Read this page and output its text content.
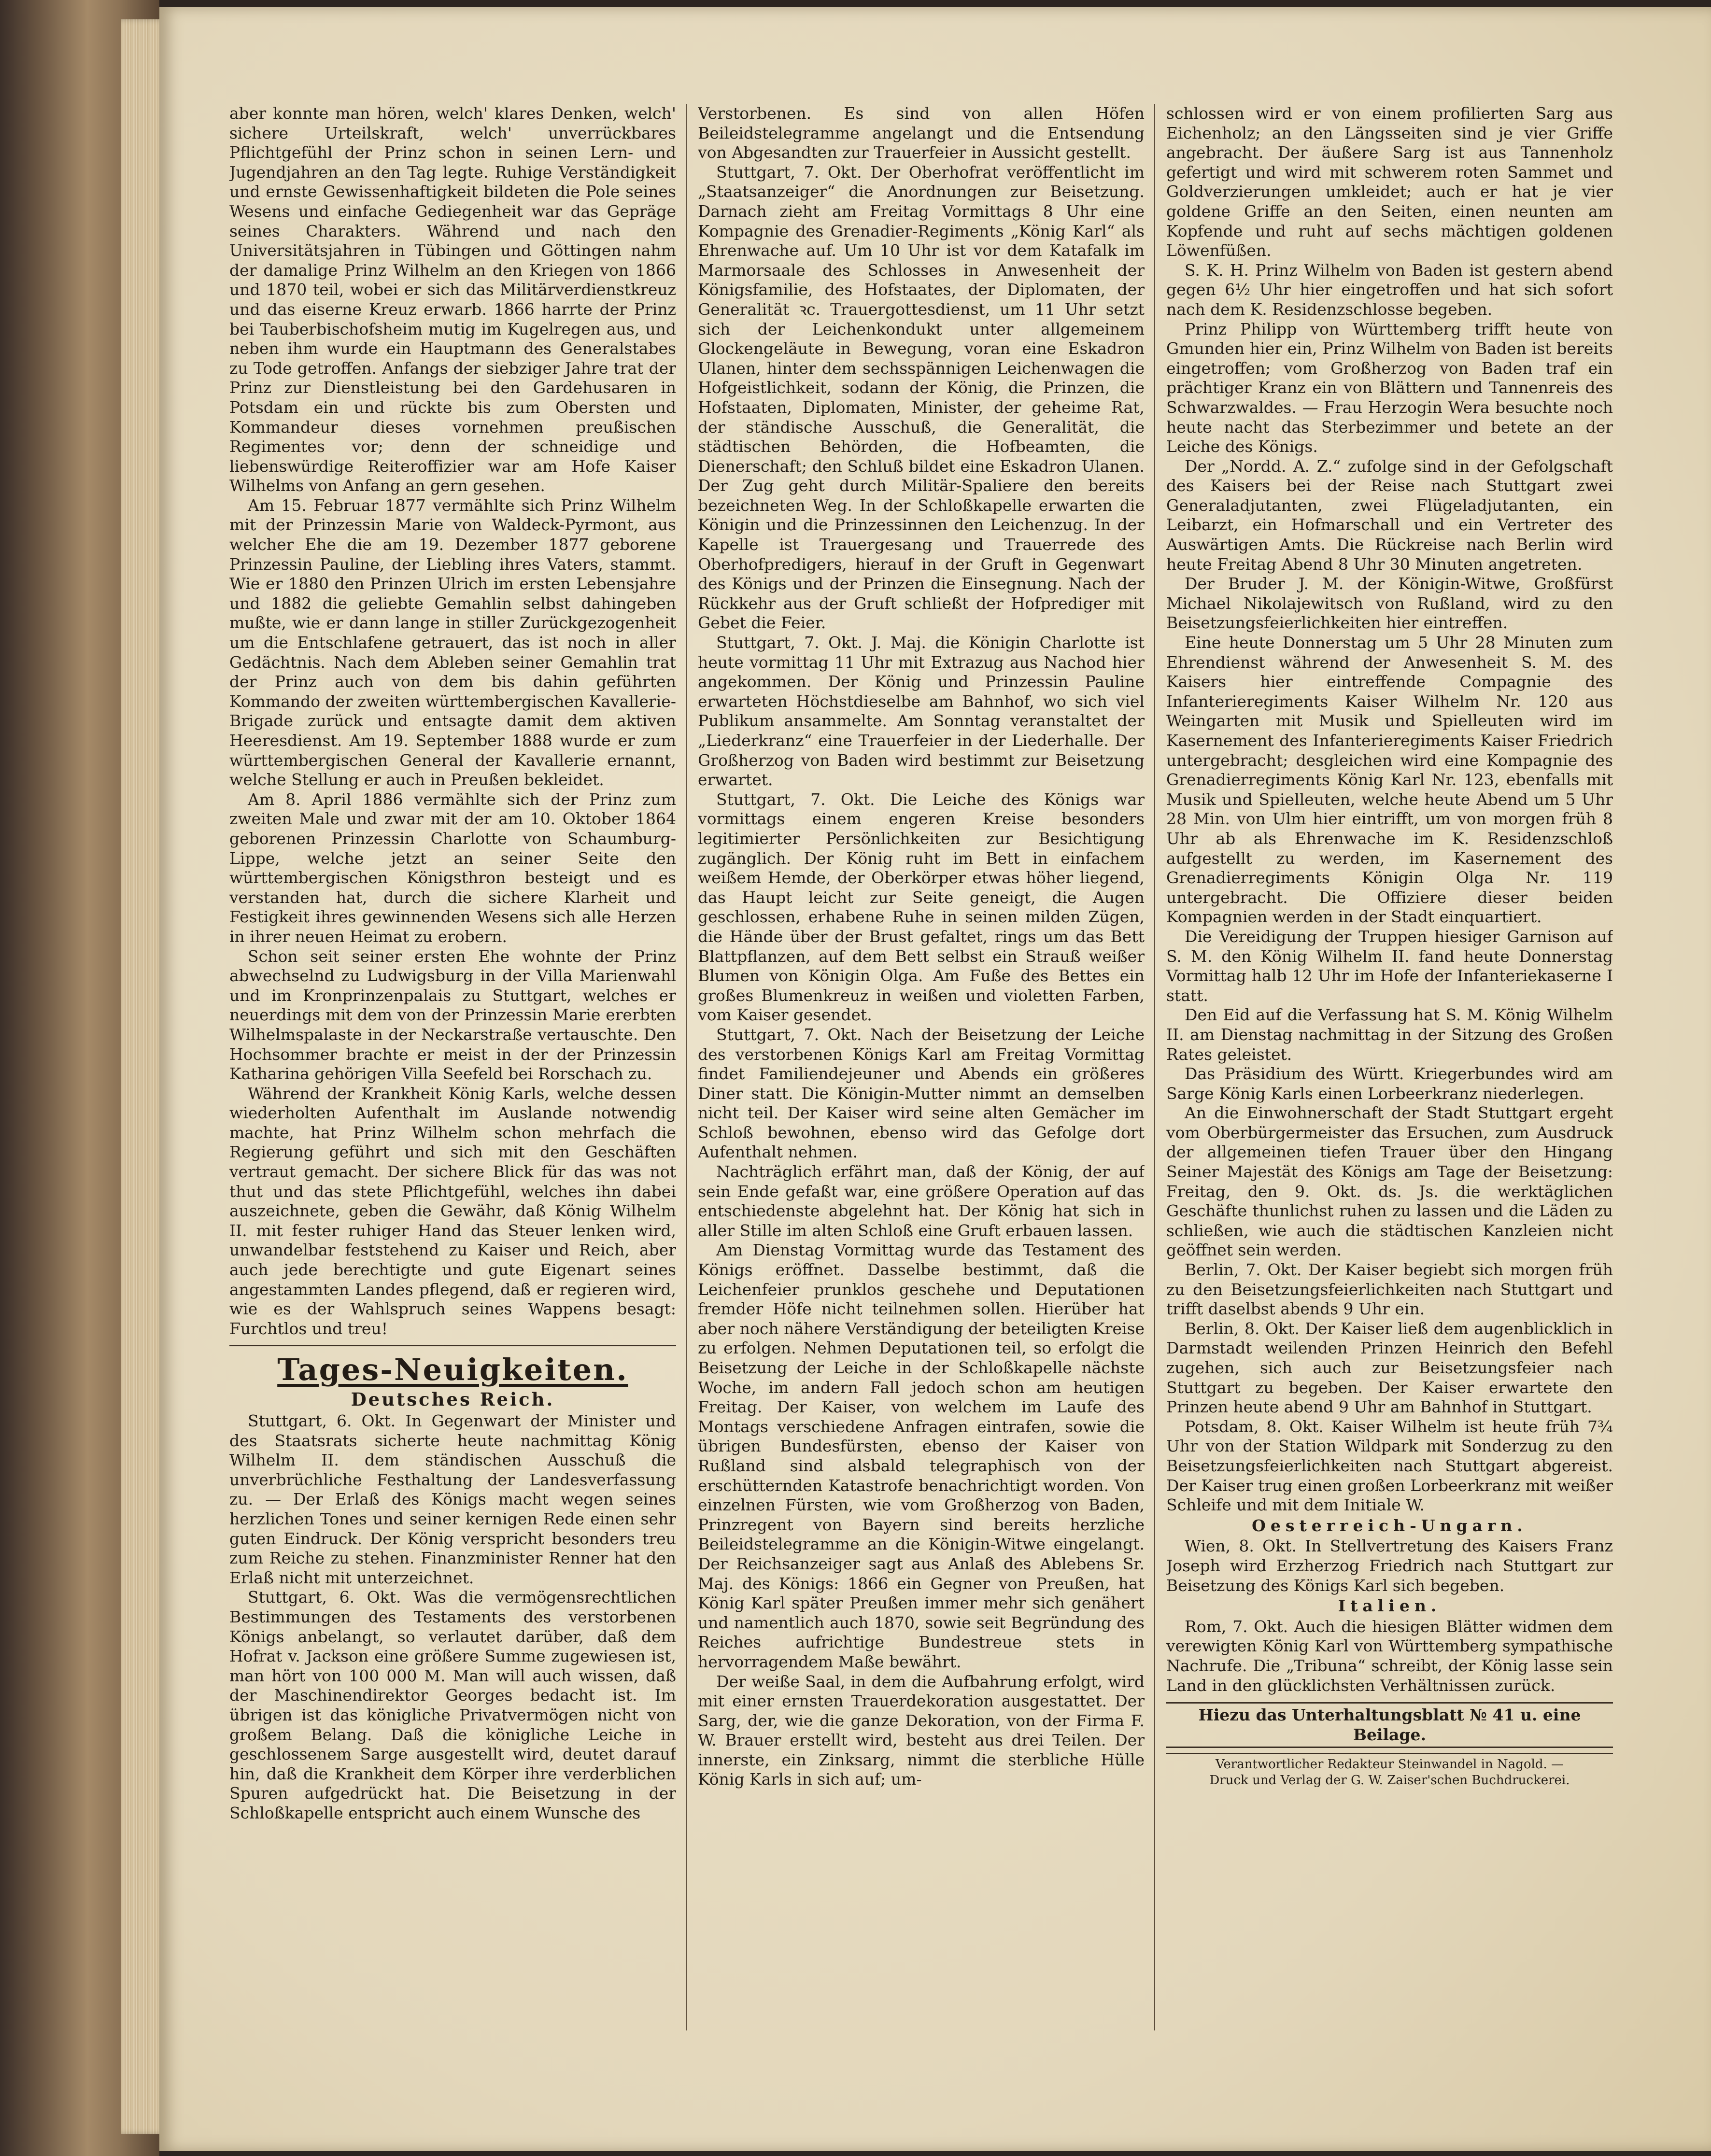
aber konnte man hören, welch' klares Denken, welch' sichere Urteilskraft, welch' unverrückbares Pflichtgefühl der Prinz schon in seinen Lern- und Jugendjahren an den Tag legte. Ruhige Verständigkeit und ernste Gewissenhaftigkeit bildeten die Pole seines Wesens und einfache Gediegenheit war das Gepräge seines Charakters. Während und nach den Universitätsjahren in Tübingen und Göttingen nahm der damalige Prinz Wilhelm an den Kriegen von 1866 und 1870 teil, wobei er sich das Militärverdienstkreuz und das eiserne Kreuz erwarb. 1866 harrte der Prinz bei Tauberbischofsheim mutig im Kugelregen aus, und neben ihm wurde ein Hauptmann des Generalstabes zu Tode getroffen. Anfangs der siebziger Jahre trat der Prinz zur Dienstleistung bei den Gardehusaren in Potsdam ein und rückte bis zum Obersten und Kommandeur dieses vornehmen preußischen Regimentes vor; denn der schneidige und liebenswürdige Reiteroffizier war am Hofe Kaiser Wilhelms von Anfang an gern gesehen.

Am 15. Februar 1877 vermählte sich Prinz Wilhelm mit der Prinzessin Marie von Waldeck-Pyrmont, aus welcher Ehe die am 19. Dezember 1877 geborene Prinzessin Pauline, der Liebling ihres Vaters, stammt. Wie er 1880 den Prinzen Ulrich im ersten Lebensjahre und 1882 die geliebte Gemahlin selbst dahingeben mußte, wie er dann lange in stiller Zurückgezogenheit um die Entschlafene getrauert, das ist noch in aller Gedächtnis. Nach dem Ableben seiner Gemahlin trat der Prinz auch von dem bis dahin geführten Kommando der zweiten württembergischen Kavallerie-Brigade zurück und entsagte damit dem aktiven Heeresdienst. Am 19. September 1888 wurde er zum württembergischen General der Kavallerie ernannt, welche Stellung er auch in Preußen bekleidet.

Am 8. April 1886 vermählte sich der Prinz zum zweiten Male und zwar mit der am 10. Oktober 1864 geborenen Prinzessin Charlotte von Schaumburg-Lippe, welche jetzt an seiner Seite den württembergischen Königsthron besteigt und es verstanden hat, durch die sichere Klarheit und Festigkeit ihres gewinnenden Wesens sich alle Herzen in ihrer neuen Heimat zu erobern.

Schon seit seiner ersten Ehe wohnte der Prinz abwechselnd zu Ludwigsburg in der Villa Marienwahl und im Kronprinzenpalais zu Stuttgart, welches er neuerdings mit dem von der Prinzessin Marie ererbten Wilhelmspalaste in der Neckarstraße vertauschte. Den Hochsommer brachte er meist in der der Prinzessin Katharina gehörigen Villa Seefeld bei Rorschach zu.

Während der Krankheit König Karls, welche dessen wiederholten Aufenthalt im Auslande notwendig machte, hat Prinz Wilhelm schon mehrfach die Regierung geführt und sich mit den Geschäften vertraut gemacht. Der sichere Blick für das was not thut und das stete Pflichtgefühl, welches ihn dabei auszeichnete, geben die Gewähr, daß König Wilhelm II. mit fester ruhiger Hand das Steuer lenken wird, unwandelbar feststehend zu Kaiser und Reich, aber auch jede berechtigte und gute Eigenart seines angestammten Landes pflegend, daß er regieren wird, wie es der Wahlspruch seines Wappens besagt: Furchtlos und treu!

Tages-Neuigkeiten.
Deutsches Reich.

Stuttgart, 6. Okt. In Gegenwart der Minister und des Staatsrats sicherte heute nachmittag König Wilhelm II. dem ständischen Ausschuß die unverbrüchliche Festhaltung der Landesverfassung zu. — Der Erlaß des Königs macht wegen seines herzlichen Tones und seiner kernigen Rede einen sehr guten Eindruck. Der König verspricht besonders treu zum Reiche zu stehen. Finanzminister Renner hat den Erlaß nicht mit unterzeichnet.

Stuttgart, 6. Okt. Was die vermögensrechtlichen Bestimmungen des Testaments des verstorbenen Königs anbelangt, so verlautet darüber, daß dem Hofrat v. Jackson eine größere Summe zugewiesen ist, man hört von 100 000 M. Man will auch wissen, daß der Maschinendirektor Georges bedacht ist. Im übrigen ist das königliche Privatvermögen nicht von großem Belang. Daß die königliche Leiche in geschlossenem Sarge ausgestellt wird, deutet darauf hin, daß die Krankheit dem Körper ihre verderblichen Spuren aufgedrückt hat. Die Beisetzung in der Schloßkapelle entspricht auch einem Wunsche des

Verstorbenen. Es sind von allen Höfen Beileidstelegramme angelangt und die Entsendung von Abgesandten zur Trauerfeier in Aussicht gestellt.

Stuttgart, 7. Okt. Der Oberhofrat veröffentlicht im „Staatsanzeiger“ die Anordnungen zur Beisetzung. Darnach zieht am Freitag Vormittags 8 Uhr eine Kompagnie des Grenadier-Regiments „König Karl“ als Ehrenwache auf. Um 10 Uhr ist vor dem Katafalk im Marmorsaale des Schlosses in Anwesenheit der Königsfamilie, des Hofstaates, der Diplomaten, der Generalität ꝛc. Trauergottesdienst, um 11 Uhr setzt sich der Leichenkondukt unter allgemeinem Glockengeläute in Bewegung, voran eine Eskadron Ulanen, hinter dem sechsspännigen Leichenwagen die Hofgeistlichkeit, sodann der König, die Prinzen, die Hofstaaten, Diplomaten, Minister, der geheime Rat, der ständische Ausschuß, die Generalität, die städtischen Behörden, die Hofbeamten, die Dienerschaft; den Schluß bildet eine Eskadron Ulanen. Der Zug geht durch Militär-Spaliere den bereits bezeichneten Weg. In der Schloßkapelle erwarten die Königin und die Prinzessinnen den Leichenzug. In der Kapelle ist Trauergesang und Trauerrede des Oberhofpredigers, hierauf in der Gruft in Gegenwart des Königs und der Prinzen die Einsegnung. Nach der Rückkehr aus der Gruft schließt der Hofprediger mit Gebet die Feier.

Stuttgart, 7. Okt. J. Maj. die Königin Charlotte ist heute vormittag 11 Uhr mit Extrazug aus Nachod hier angekommen. Der König und Prinzessin Pauline erwarteten Höchstdieselbe am Bahnhof, wo sich viel Publikum ansammelte. Am Sonntag veranstaltet der „Liederkranz“ eine Trauerfeier in der Liederhalle. Der Großherzog von Baden wird bestimmt zur Beisetzung erwartet.

Stuttgart, 7. Okt. Die Leiche des Königs war vormittags einem engeren Kreise besonders legitimierter Persönlichkeiten zur Besichtigung zugänglich. Der König ruht im Bett in einfachem weißem Hemde, der Oberkörper etwas höher liegend, das Haupt leicht zur Seite geneigt, die Augen geschlossen, erhabene Ruhe in seinen milden Zügen, die Hände über der Brust gefaltet, rings um das Bett Blattpflanzen, auf dem Bett selbst ein Strauß weißer Blumen von Königin Olga. Am Fuße des Bettes ein großes Blumenkreuz in weißen und violetten Farben, vom Kaiser gesendet.

Stuttgart, 7. Okt. Nach der Beisetzung der Leiche des verstorbenen Königs Karl am Freitag Vormittag findet Familiendejeuner und Abends ein größeres Diner statt. Die Königin-Mutter nimmt an demselben nicht teil. Der Kaiser wird seine alten Gemächer im Schloß bewohnen, ebenso wird das Gefolge dort Aufenthalt nehmen.

Nachträglich erfährt man, daß der König, der auf sein Ende gefaßt war, eine größere Operation auf das entschiedenste abgelehnt hat. Der König hat sich in aller Stille im alten Schloß eine Gruft erbauen lassen.

Am Dienstag Vormittag wurde das Testament des Königs eröffnet. Dasselbe bestimmt, daß die Leichenfeier prunklos geschehe und Deputationen fremder Höfe nicht teilnehmen sollen. Hierüber hat aber noch nähere Verständigung der beteiligten Kreise zu erfolgen. Nehmen Deputationen teil, so erfolgt die Beisetzung der Leiche in der Schloßkapelle nächste Woche, im andern Fall jedoch schon am heutigen Freitag. Der Kaiser, von welchem im Laufe des Montags verschiedene Anfragen eintrafen, sowie die übrigen Bundesfürsten, ebenso der Kaiser von Rußland sind alsbald telegraphisch von der erschütternden Katastrofe benachrichtigt worden. Von einzelnen Fürsten, wie vom Großherzog von Baden, Prinzregent von Bayern sind bereits herzliche Beileidstelegramme an die Königin-Witwe eingelangt. Der Reichsanzeiger sagt aus Anlaß des Ablebens Sr. Maj. des Königs: 1866 ein Gegner von Preußen, hat König Karl später Preußen immer mehr sich genähert und namentlich auch 1870, sowie seit Begründung des Reiches aufrichtige Bundestreue stets in hervorragendem Maße bewährt.

Der weiße Saal, in dem die Aufbahrung erfolgt, wird mit einer ernsten Trauerdekoration ausgestattet. Der Sarg, der, wie die ganze Dekoration, von der Firma F. W. Brauer erstellt wird, besteht aus drei Teilen. Der innerste, ein Zinksarg, nimmt die sterbliche Hülle König Karls in sich auf; um-

schlossen wird er von einem profilierten Sarg aus Eichenholz; an den Längsseiten sind je vier Griffe angebracht. Der äußere Sarg ist aus Tannenholz gefertigt und wird mit schwerem roten Sammet und Goldverzierungen umkleidet; auch er hat je vier goldene Griffe an den Seiten, einen neunten am Kopfende und ruht auf sechs mächtigen goldenen Löwenfüßen.

S. K. H. Prinz Wilhelm von Baden ist gestern abend gegen 6½ Uhr hier eingetroffen und hat sich sofort nach dem K. Residenzschlosse begeben.

Prinz Philipp von Württemberg trifft heute von Gmunden hier ein, Prinz Wilhelm von Baden ist bereits eingetroffen; vom Großherzog von Baden traf ein prächtiger Kranz ein von Blättern und Tannenreis des Schwarzwaldes. — Frau Herzogin Wera besuchte noch heute nacht das Sterbezimmer und betete an der Leiche des Königs.

Der „Nordd. A. Z.“ zufolge sind in der Gefolgschaft des Kaisers bei der Reise nach Stuttgart zwei Generaladjutanten, zwei Flügeladjutanten, ein Leibarzt, ein Hofmarschall und ein Vertreter des Auswärtigen Amts. Die Rückreise nach Berlin wird heute Freitag Abend 8 Uhr 30 Minuten angetreten.

Der Bruder J. M. der Königin-Witwe, Großfürst Michael Nikolajewitsch von Rußland, wird zu den Beisetzungsfeierlichkeiten hier eintreffen.

Eine heute Donnerstag um 5 Uhr 28 Minuten zum Ehrendienst während der Anwesenheit S. M. des Kaisers hier eintreffende Compagnie des Infanterieregiments Kaiser Wilhelm Nr. 120 aus Weingarten mit Musik und Spielleuten wird im Kasernement des Infanterieregiments Kaiser Friedrich untergebracht; desgleichen wird eine Kompagnie des Grenadierregiments König Karl Nr. 123, ebenfalls mit Musik und Spielleuten, welche heute Abend um 5 Uhr 28 Min. von Ulm hier eintrifft, um von morgen früh 8 Uhr ab als Ehrenwache im K. Residenzschloß aufgestellt zu werden, im Kasernement des Grenadierregiments Königin Olga Nr. 119 untergebracht. Die Offiziere dieser beiden Kompagnien werden in der Stadt einquartiert.

Die Vereidigung der Truppen hiesiger Garnison auf S. M. den König Wilhelm II. fand heute Donnerstag Vormittag halb 12 Uhr im Hofe der Infanteriekaserne I statt.

Den Eid auf die Verfassung hat S. M. König Wilhelm II. am Dienstag nachmittag in der Sitzung des Großen Rates geleistet.

Das Präsidium des Württ. Kriegerbundes wird am Sarge König Karls einen Lorbeerkranz niederlegen.

An die Einwohnerschaft der Stadt Stuttgart ergeht vom Oberbürgermeister das Ersuchen, zum Ausdruck der allgemeinen tiefen Trauer über den Hingang Seiner Majestät des Königs am Tage der Beisetzung: Freitag, den 9. Okt. ds. Js. die werktäglichen Geschäfte thunlichst ruhen zu lassen und die Läden zu schließen, wie auch die städtischen Kanzleien nicht geöffnet sein werden.

Berlin, 7. Okt. Der Kaiser begiebt sich morgen früh zu den Beisetzungsfeierlichkeiten nach Stuttgart und trifft daselbst abends 9 Uhr ein.

Berlin, 8. Okt. Der Kaiser ließ dem augenblicklich in Darmstadt weilenden Prinzen Heinrich den Befehl zugehen, sich auch zur Beisetzungsfeier nach Stuttgart zu begeben. Der Kaiser erwartete den Prinzen heute abend 9 Uhr am Bahnhof in Stuttgart.

Potsdam, 8. Okt. Kaiser Wilhelm ist heute früh 7¾ Uhr von der Station Wildpark mit Sonderzug zu den Beisetzungsfeierlichkeiten nach Stuttgart abgereist. Der Kaiser trug einen großen Lorbeerkranz mit weißer Schleife und mit dem Initiale W.

Oesterreich-Ungarn.

Wien, 8. Okt. In Stellvertretung des Kaisers Franz Joseph wird Erzherzog Friedrich nach Stuttgart zur Beisetzung des Königs Karl sich begeben.

Italien.

Rom, 7. Okt. Auch die hiesigen Blätter widmen dem verewigten König Karl von Württemberg sympathische Nachrufe. Die „Tribuna“ schreibt, der König lasse sein Land in den glücklichsten Verhältnissen zurück.

Hiezu das Unterhaltungsblatt № 41 u. eine Beilage.
Verantwortlicher Redakteur Steinwandel in Nagold. —
Druck und Verlag der G. W. Zaiser'schen Buchdruckerei.
